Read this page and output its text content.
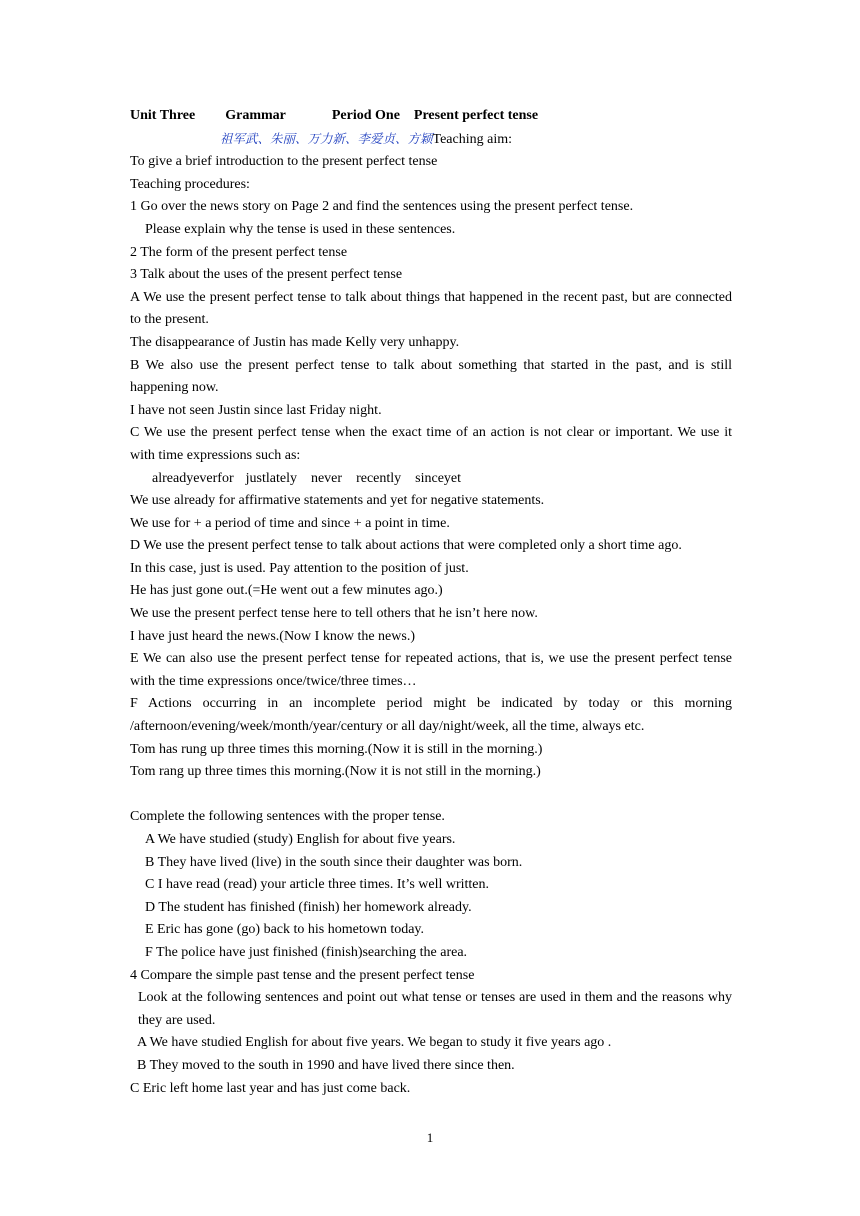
Unit Three Grammar	Period One Present perfect tense
祖军武、朱丽、万力新、李爱贞、方颖Teaching aim:
To give a brief introduction to the present perfect tense
Teaching procedures:
1 Go over the news story on Page 2 and find the sentences using the present perfect tense.
Please explain why the tense is used in these sentences.
2 The form of the present perfect tense
3 Talk about the uses of the present perfect tense
A We use the present perfect tense to talk about things that happened in the recent past, but are connected to the present.
The disappearance of Justin has made Kelly very unhappy.
B We also use the present perfect tense to talk about something that started in the past, and is still happening now.
I have not seen Justin since last Friday night.
C We use the present perfect tense when the exact time of an action is not clear or important. We use it with time expressions such as:
alreadyeverfor justlately never recently sinceyet
We use already for affirmative statements and yet for negative statements.
We use for + a period of time and since + a point in time.
D We use the present perfect tense to talk about actions that were completed only a short time ago.
In this case, just is used. Pay attention to the position of just.
He has just gone out.(=He went out a few minutes ago.)
We use the present perfect tense here to tell others that he isn’t here now.
I have just heard the news.(Now I know the news.)
E We can also use the present perfect tense for repeated actions, that is, we use the present perfect tense with the time expressions once/twice/three times…
F Actions occurring in an incomplete period might be indicated by today or this morning /afternoon/evening/week/month/year/century or all day/night/week, all the time, always etc.
Tom has rung up three times this morning.(Now it is still in the morning.)
Tom rang up three times this morning.(Now it is not still in the morning.)
Complete the following sentences with the proper tense.
A We have studied (study) English for about five years.
B They have lived (live) in the south since their daughter was born.
C I have read (read) your article three times. It’s well written.
D The student has finished (finish) her homework already.
E Eric has gone (go) back to his hometown today.
F The police have just finished (finish)searching the area.
4 Compare the simple past tense and the present perfect tense
Look at the following sentences and point out what tense or tenses are used in them and the reasons why they are used.
A We have studied English for about five years. We began to study it five years ago .
B They moved to the south in 1990 and have lived there since then.
C Eric left home last year and has just come back.
1
